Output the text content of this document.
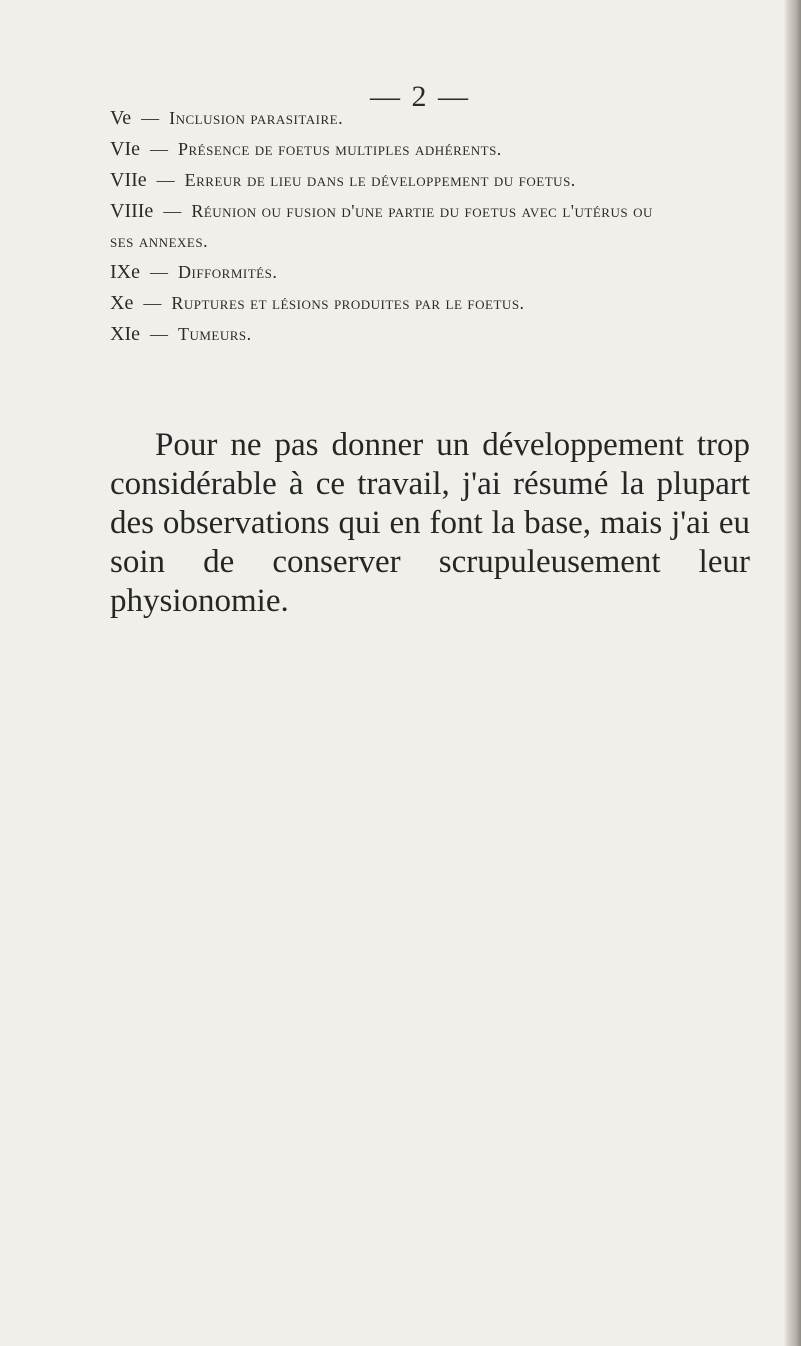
— 2 —
Ve — Inclusion parasitaire.
VIe — Présence de foetus multiples adhérents.
VIIe — Erreur de lieu dans le développement du foetus.
VIIIe — Réunion ou fusion d'une partie du foetus avec l'utérus ou
ses annexes.
IXe — Difformités.
Xe — Ruptures et lésions produites par le foetus.
XIe — Tumeurs.
Pour ne pas donner un développement trop considérable à ce travail, j'ai résumé la plupart des observations qui en font la base, mais j'ai eu soin de conserver scrupuleusement leur physionomie.
